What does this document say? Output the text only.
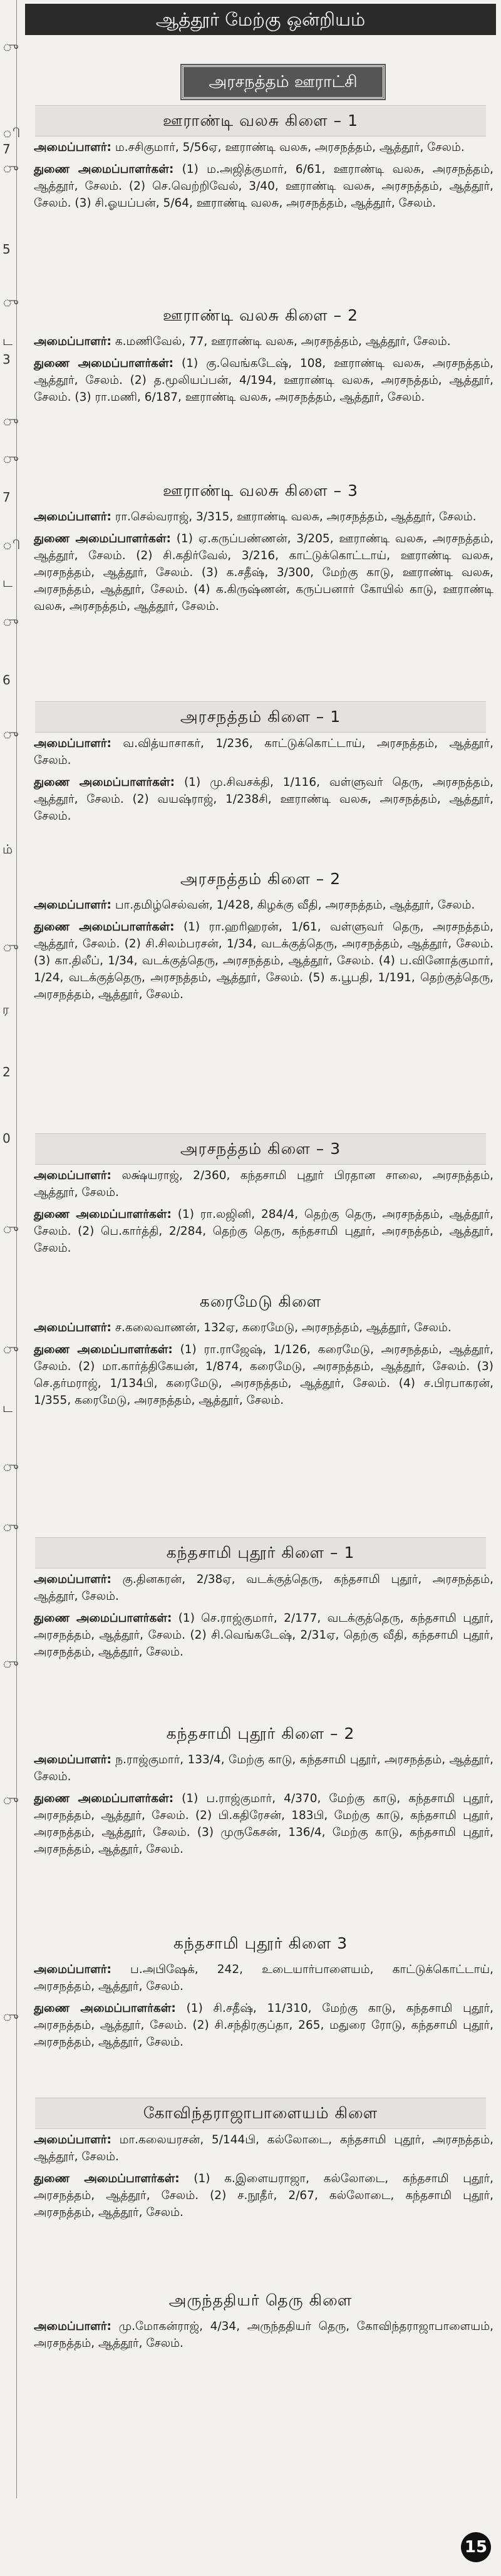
ு
ி
7
ு
5
ு
ட
3
ு
ு
7
ி
ட
ு
6
ு
ம்
ு
ர
2
0
ு
ு
ட
ு
ு
ு
ு
ு
ஆத்தூர் மேற்கு ஒன்றியம்
அரசநத்தம் ஊராட்சி
ஊராண்டி வலசு கிளை – 1

அமைப்பாளர்: ம.சசிகுமார், 5/56ஏ, ஊராண்டி வலசு, அரசநத்தம், ஆத்தூர், சேலம்.

துணை அமைப்பாளர்கள்: (1) ம.அஜித்குமார், 6/61, ஊராண்டி வலசு, அரசநத்தம், ஆத்தூர், சேலம். (2) செ.வெற்றிவேல், 3/40, ஊராண்டி வலசு, அரசநத்தம், ஆத்தூர், சேலம். (3) சி.ஓயப்பன், 5/64, ஊராண்டி வலசு, அரசநத்தம், ஆத்தூர், சேலம்.

ஊராண்டி வலசு கிளை – 2

அமைப்பாளர்: க.மணிவேல், 77, ஊராண்டி வலசு, அரசநத்தம், ஆத்தூர், சேலம்.

துணை அமைப்பாளர்கள்: (1) கு.வெங்கடேஷ், 108, ஊராண்டி வலசு, அரசநத்தம், ஆத்தூர், சேலம். (2) த.மூலியப்பன், 4/194, ஊராண்டி வலசு, அரசநத்தம், ஆத்தூர், சேலம். (3) ரா.மணி, 6/187, ஊராண்டி வலசு, அரசநத்தம், ஆத்தூர், சேலம்.

ஊராண்டி வலசு கிளை – 3

அமைப்பாளர்: ரா.செல்வராஜ், 3/315, ஊராண்டி வலசு, அரசநத்தம், ஆத்தூர், சேலம்.

துணை அமைப்பாளர்கள்: (1) ஏ.கருப்பண்ணன், 3/205, ஊராண்டி வலசு, அரசநத்தம், ஆத்தூர், சேலம். (2) சி.கதிர்வேல், 3/216, காட்டுக்கொட்டாய், ஊராண்டி வலசு, அரசநத்தம், ஆத்தூர், சேலம். (3) க.சதீஷ், 3/300, மேற்கு காடு, ஊராண்டி வலசு, அரசநத்தம், ஆத்தூர், சேலம். (4) க.கிருஷ்ணன், கருப்பனார் கோயில் காடு, ஊராண்டி வலசு, அரசநத்தம், ஆத்தூர், சேலம்.

அரசநத்தம் கிளை – 1

அமைப்பாளர்: வ.வித்யாசாகர், 1/236, காட்டுக்கொட்டாய், அரசநத்தம், ஆத்தூர், சேலம்.

துணை அமைப்பாளர்கள்: (1) மு.சிவசக்தி, 1/116, வள்ளுவர் தெரு, அரசநத்தம், ஆத்தூர், சேலம். (2) வயஷ்ராஜ், 1/238சி, ஊராண்டி வலசு, அரசநத்தம், ஆத்தூர், சேலம்.

அரசநத்தம் கிளை – 2

அமைப்பாளர்: பா.தமிழ்செல்வன், 1/428, கிழக்கு வீதி, அரசநத்தம், ஆத்தூர், சேலம்.

துணை அமைப்பாளர்கள்: (1) ரா.ஹரிஹரன், 1/61, வள்ளுவர் தெரு, அரசநத்தம், ஆத்தூர், சேலம். (2) சி.சிலம்பரசன், 1/34, வடக்குத்தெரு, அரசநத்தம், ஆத்தூர், சேலம். (3) கா.திலீப், 1/34, வடக்குத்தெரு, அரசநத்தம், ஆத்தூர், சேலம். (4) ப.வினோத்குமார், 1/24, வடக்குத்தெரு, அரசநத்தம், ஆத்தூர், சேலம். (5) க.பூபதி, 1/191, தெற்குத்தெரு, அரசநத்தம், ஆத்தூர், சேலம்.

அரசநத்தம் கிளை – 3

அமைப்பாளர்: லக்ஷ்யராஜ், 2/360, கந்தசாமி புதூர் பிரதான சாலை, அரசநத்தம், ஆத்தூர், சேலம்.

துணை அமைப்பாளர்கள்: (1) ரா.லஜினி, 284/4, தெற்கு தெரு, அரசநத்தம், ஆத்தூர், சேலம். (2) பெ.கார்த்தி, 2/284, தெற்கு தெரு, கந்தசாமி புதூர், அரசநத்தம், ஆத்தூர், சேலம்.

கரைமேடு கிளை

அமைப்பாளர்: ச.கலைவாணன், 132ஏ, கரைமேடு, அரசநத்தம், ஆத்தூர், சேலம்.

துணை அமைப்பாளர்கள்: (1) ரா.ராஜேஷ், 1/126, கரைமேடு, அரசநத்தம், ஆத்தூர், சேலம். (2) மா.கார்த்திகேயன், 1/874, கரைமேடு, அரசநத்தம், ஆத்தூர், சேலம். (3) செ.தர்மராஜ், 1/134பி, கரைமேடு, அரசநத்தம், ஆத்தூர், சேலம். (4) ச.பிரபாகரன், 1/355, கரைமேடு, அரசநத்தம், ஆத்தூர், சேலம்.

கந்தசாமி புதூர் கிளை – 1

அமைப்பாளர்: கு.தினகரன், 2/38ஏ, வடக்குத்தெரு, கந்தசாமி புதூர், அரசநத்தம், ஆத்தூர், சேலம்.

துணை அமைப்பாளர்கள்: (1) செ.ராஜ்குமார், 2/177, வடக்குத்தெரு, கந்தசாமி புதூர், அரசநத்தம், ஆத்தூர், சேலம். (2) சி.வெங்கடேஷ், 2/31ஏ, தெற்கு வீதி, கந்தசாமி புதூர், அரசநத்தம், ஆத்தூர், சேலம்.

கந்தசாமி புதூர் கிளை – 2

அமைப்பாளர்: ந.ராஜ்குமார், 133/4, மேற்கு காடு, கந்தசாமி புதூர், அரசநத்தம், ஆத்தூர், சேலம்.

துணை அமைப்பாளர்கள்: (1) ப.ராஜ்குமார், 4/370, மேற்கு காடு, கந்தசாமி புதூர், அரசநத்தம், ஆத்தூர், சேலம். (2) பி.கதிரேசன், 183பி, மேற்கு காடு, கந்தசாமி புதூர், அரசநத்தம், ஆத்தூர், சேலம். (3) முருகேசன், 136/4, மேற்கு காடு, கந்தசாமி புதூர், அரசநத்தம், ஆத்தூர், சேலம்.

கந்தசாமி புதூர் கிளை 3

அமைப்பாளர்: ப.அபிஷேக், 242, உடையார்பாளையம், காட்டுக்கொட்டாய், அரசநத்தம், ஆத்தூர், சேலம்.

துணை அமைப்பாளர்கள்: (1) சி.சதீஷ், 11/310, மேற்கு காடு, கந்தசாமி புதூர், அரசநத்தம், ஆத்தூர், சேலம். (2) சி.சந்திரகுப்தா, 265, மதுரை ரோடு, கந்தசாமி புதூர், அரசநத்தம், ஆத்தூர், சேலம்.

கோவிந்தராஜாபாளையம் கிளை

அமைப்பாளர்: மா.கலையரசன், 5/144பி, கல்லோடை, கந்தசாமி புதூர், அரசநத்தம், ஆத்தூர், சேலம்.

துணை அமைப்பாளர்கள்: (1) க.இளையராஜா, கல்லோடை, கந்தசாமி புதூர், அரசநத்தம், ஆத்தூர், சேலம். (2) ச.நூதீர், 2/67, கல்லோடை, கந்தசாமி புதூர், அரசநத்தம், ஆத்தூர், சேலம்.

அருந்ததியர் தெரு கிளை

அமைப்பாளர்: மு.மோகன்ராஜ், 4/34, அருந்ததியர் தெரு, கோவிந்தராஜாபாளையம், அரசநத்தம், ஆத்தூர், சேலம்.

15
